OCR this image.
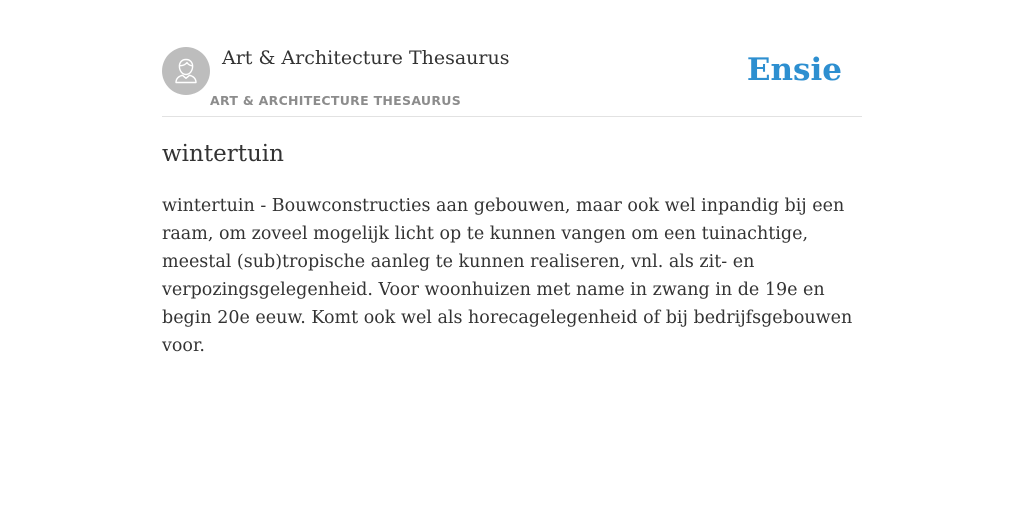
Art & Architecture Thesaurus
ART & ARCHITECTURE THESAURUS
Ensie
wintertuin

wintertuin - Bouwconstructies aan gebouwen, maar ook wel inpandig bij een raam, om zoveel mogelijk licht op te kunnen vangen om een tuinachtige, meestal (sub)tropische aanleg te kunnen realiseren, vnl. als zit- en verpozingsgelegenheid. Voor woonhuizen met name in zwang in de 19e en begin 20e eeuw. Komt ook wel als horecagelegenheid of bij bedrijfsgebouwen voor.
